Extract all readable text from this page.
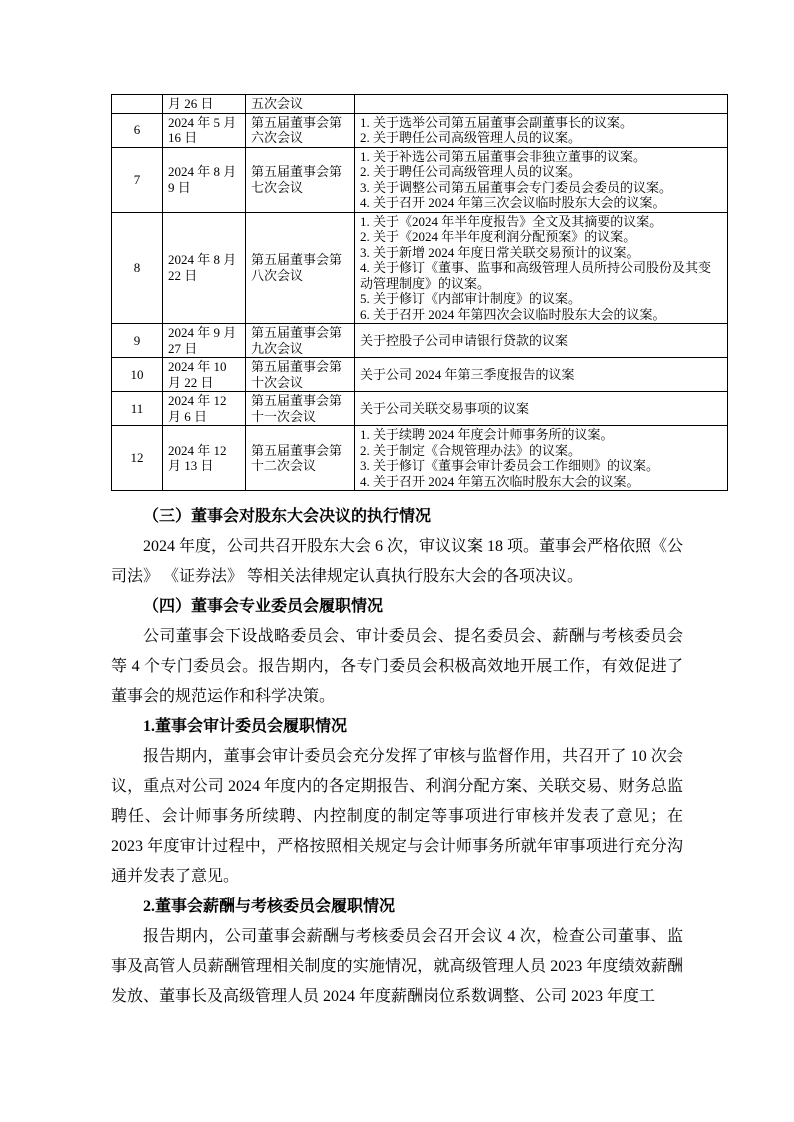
	月 26 日	五次会议	
6	2024 年 5 月 16 日	第五届董事会第六次会议	1. 关于选举公司第五届董事会副董事长的议案。
2. 关于聘任公司高级管理人员的议案。

7	2024 年 8 月 9 日	第五届董事会第七次会议	1. 关于补选公司第五届董事会非独立董事的议案。
2. 关于聘任公司高级管理人员的议案。
3. 关于调整公司第五届董事会专门委员会委员的议案。
4. 关于召开 2024 年第三次会议临时股东大会的议案。

8	2024 年 8 月 22 日	第五届董事会第八次会议	
1. 关于《2024 年半年度报告》全文及其摘要的议案。
2. 关于《2024 年半年度利润分配预案》的议案。
3. 关于新增 2024 年度日常关联交易预计的议案。
4. 关于修订《董事、监事和高级管理人员所持公司股份及其变动管理制度》的议案。
5. 关于修订《内部审计制度》的议案。
6. 关于召开 2024 年第四次会议临时股东大会的议案。

9	2024 年 9 月 27 日	第五届董事会第九次会议	关于控股子公司申请银行贷款的议案

10	2024 年 10 月 22 日	第五届董事会第十次会议	关于公司 2024 年第三季度报告的议案

11	2024 年 12 月 6 日	第五届董事会第十一次会议	关于公司关联交易事项的议案

12	2024 年 12 月 13 日	第五届董事会第十二次会议	1. 关于续聘 2024 年度会计师事务所的议案。
2. 关于制定《合规管理办法》的议案。
3. 关于修订《董事会审计委员会工作细则》的议案。
4. 关于召开 2024 年第五次临时股东大会的议案。
（三）董事会对股东大会决议的执行情况
2024 年度，公司共召开股东大会 6 次，审议议案 18 项。董事会严格依照《公司法》 《证券法》 等相关法律规定认真执行股东大会的各项决议。
（四）董事会专业委员会履职情况
公司董事会下设战略委员会、审计委员会、提名委员会、薪酬与考核委员会等 4 个专门委员会。报告期内，各专门委员会积极高效地开展工作，有效促进了董事会的规范运作和科学决策。
1.董事会审计委员会履职情况
报告期内，董事会审计委员会充分发挥了审核与监督作用，共召开了 10 次会议，重点对公司 2024 年度内的各定期报告、利润分配方案、关联交易、财务总监聘任、会计师事务所续聘、内控制度的制定等事项进行审核并发表了意见；在 2023 年度审计过程中，严格按照相关规定与会计师事务所就年审事项进行充分沟通并发表了意见。
2.董事会薪酬与考核委员会履职情况
报告期内，公司董事会薪酬与考核委员会召开会议 4 次，检查公司董事、监事及高管人员薪酬管理相关制度的实施情况，就高级管理人员 2023 年度绩效薪酬发放、董事长及高级管理人员 2024 年度薪酬岗位系数调整、公司 2023 年度工
